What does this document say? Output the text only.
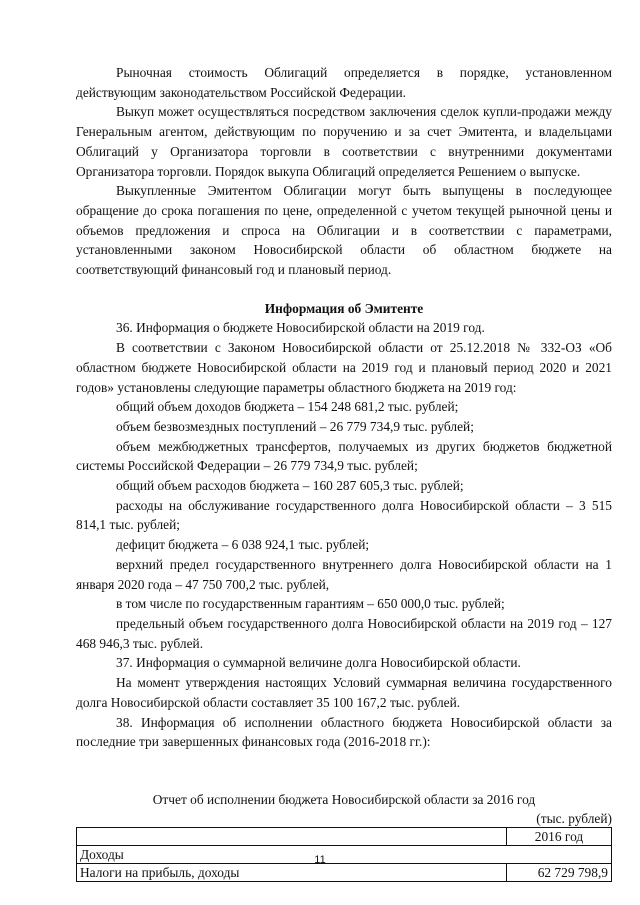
Рыночная стоимость Облигаций определяется в порядке, установленном действующим законодательством Российской Федерации.

Выкуп может осуществляться посредством заключения сделок купли-продажи между Генеральным агентом, действующим по поручению и за счет Эмитента, и владельцами Облигаций у Организатора торговли в соответствии с внутренними документами Организатора торговли. Порядок выкупа Облигаций определяется Решением о выпуске.

Выкупленные Эмитентом Облигации могут быть выпущены в последующее обращение до срока погашения по цене, определенной с учетом текущей рыночной цены и объемов предложения и спроса на Облигации и в соответствии с параметрами, установленными законом Новосибирской области об областном бюджете на соответствующий финансовый год и плановый период.

Информация об Эмитенте

36. Информация о бюджете Новосибирской области на 2019 год.

В соответствии с Законом Новосибирской области от 25.12.2018 № 332-ОЗ «Об областном бюджете Новосибирской области на 2019 год и плановый период 2020 и 2021 годов» установлены следующие параметры областного бюджета на 2019 год:

общий объем доходов бюджета – 154 248 681,2 тыс. рублей;

объем безвозмездных поступлений – 26 779 734,9 тыс. рублей;

объем межбюджетных трансфертов, получаемых из других бюджетов бюджетной системы Российской Федерации – 26 779 734,9 тыс. рублей;

общий объем расходов бюджета – 160 287 605,3 тыс. рублей;

расходы на обслуживание государственного долга Новосибирской области – 3 515 814,1 тыс. рублей;

дефицит бюджета – 6 038 924,1 тыс. рублей;

верхний предел государственного внутреннего долга Новосибирской области на 1 января 2020 года – 47 750 700,2 тыс. рублей,

в том числе по государственным гарантиям – 650 000,0 тыс. рублей;

предельный объем государственного долга Новосибирской области на 2019 год – 127 468 946,3 тыс. рублей.

37. Информация о суммарной величине долга Новосибирской области.

На момент утверждения настоящих Условий суммарная величина государственного долга Новосибирской области составляет 35 100 167,2 тыс. рублей.

38. Информация об исполнении областного бюджета Новосибирской области за последние три завершенных финансовых года (2016-2018 гг.):

Отчет об исполнении бюджета Новосибирской области за 2016 год

(тыс. рублей)

	2016 год
Доходы	
Налоги на прибыль, доходы	62 729 798,9
11
